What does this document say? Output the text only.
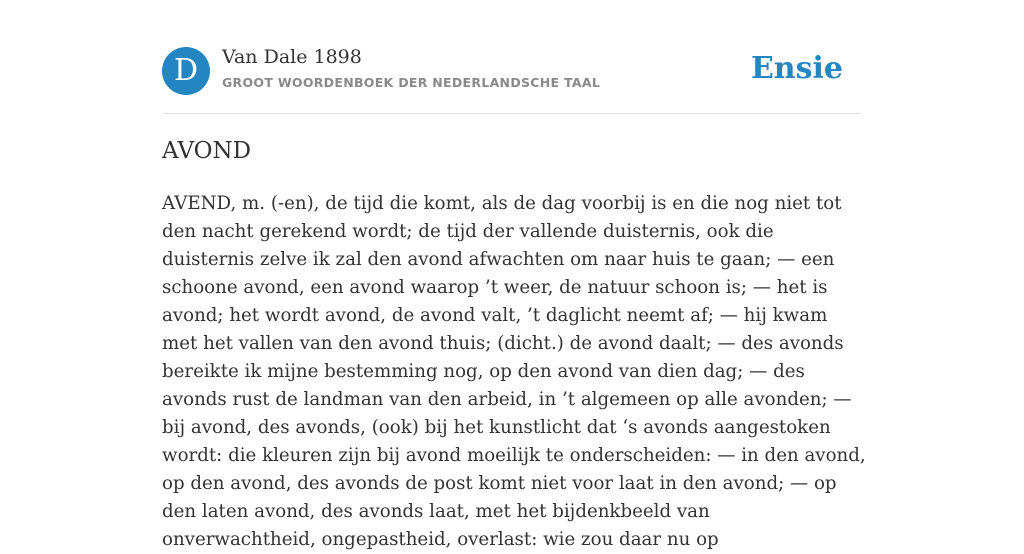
D	Van Dale 1898
GROOT WOORDENBOEK DER NEDERLANDSCHE TAAL	Ensie
AVOND

AVEND, m. (-en), de tijd die komt, als de dag voorbij is en die nog niet tot den nacht gerekend wordt; de tijd der vallende duisternis, ook die duisternis zelve ik zal den avond afwachten om naar huis te gaan; — een schoone avond, een avond waarop ’t weer, de natuur schoon is; — het is avond; het wordt avond, de avond valt, ’t daglicht neemt af; — hij kwam met het vallen van den avond thuis; (dicht.) de avond daalt; — des avonds bereikte ik mijne bestemming nog, op den avond van dien dag; — des avonds rust de landman van den arbeid, in ’t algemeen op alle avonden; — bij avond, des avonds, (ook) bij het kunstlicht dat ‘s avonds aangestoken wordt: die kleuren zijn bij avond moeilijk te onderscheiden: — in den avond, op den avond, des avonds de post komt niet voor laat in den avond; — op den laten avond, des avonds laat, met het bijdenkbeeld van onverwachtheid, ongepastheid, overlast: wie zou daar nu op
